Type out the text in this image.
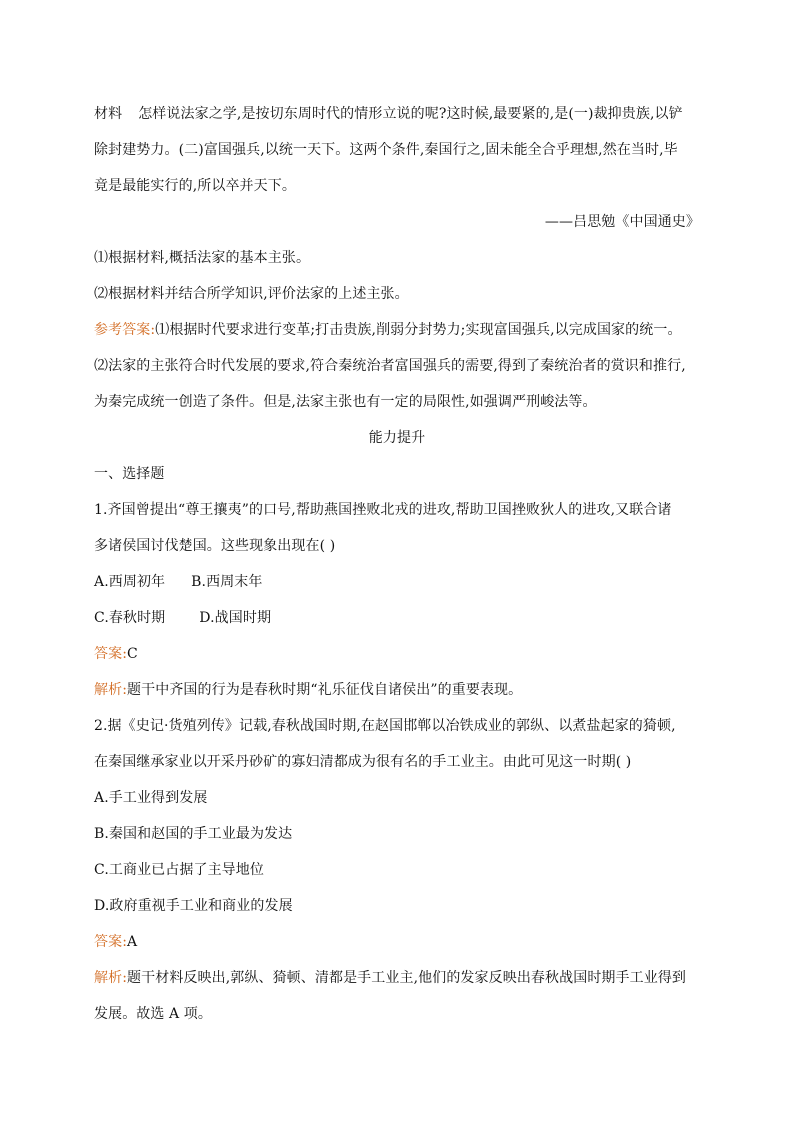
材料 怎样说法家之学,是按切东周时代的情形立说的呢?这时候,最要紧的,是(一)裁抑贵族,以铲
除封建势力。(二)富国强兵,以统一天下。这两个条件,秦国行之,固未能全合乎理想,然在当时,毕
竟是最能实行的,所以卒并天下。
——吕思勉《中国通史》
⑴根据材料,概括法家的基本主张。
⑵根据材料并结合所学知识,评价法家的上述主张。
参考答案:⑴根据时代要求进行变革;打击贵族,削弱分封势力;实现富国强兵,以完成国家的统一。
⑵法家的主张符合时代发展的要求,符合秦统治者富国强兵的需要,得到了秦统治者的赏识和推行,
为秦完成统一创造了条件。但是,法家主张也有一定的局限性,如强调严刑峻法等。
能力提升
一、选择题
1.齐国曾提出“尊王攘夷”的口号,帮助燕国挫败北戎的进攻,帮助卫国挫败狄人的进攻,又联合诸
多诸侯国讨伐楚国。这些现象出现在( )
A.西周初年 B.西周末年
C.春秋时期 D.战国时期
答案:C
解析:题干中齐国的行为是春秋时期“礼乐征伐自诸侯出”的重要表现。
2.据《史记·货殖列传》记载,春秋战国时期,在赵国邯郸以冶铁成业的郭纵、以煮盐起家的猗顿,
在秦国继承家业以开采丹砂矿的寡妇清都成为很有名的手工业主。由此可见这一时期( )
A.手工业得到发展
B.秦国和赵国的手工业最为发达
C.工商业已占据了主导地位
D.政府重视手工业和商业的发展
答案:A
解析:题干材料反映出,郭纵、猗顿、清都是手工业主,他们的发家反映出春秋战国时期手工业得到
发展。故选 A 项。
